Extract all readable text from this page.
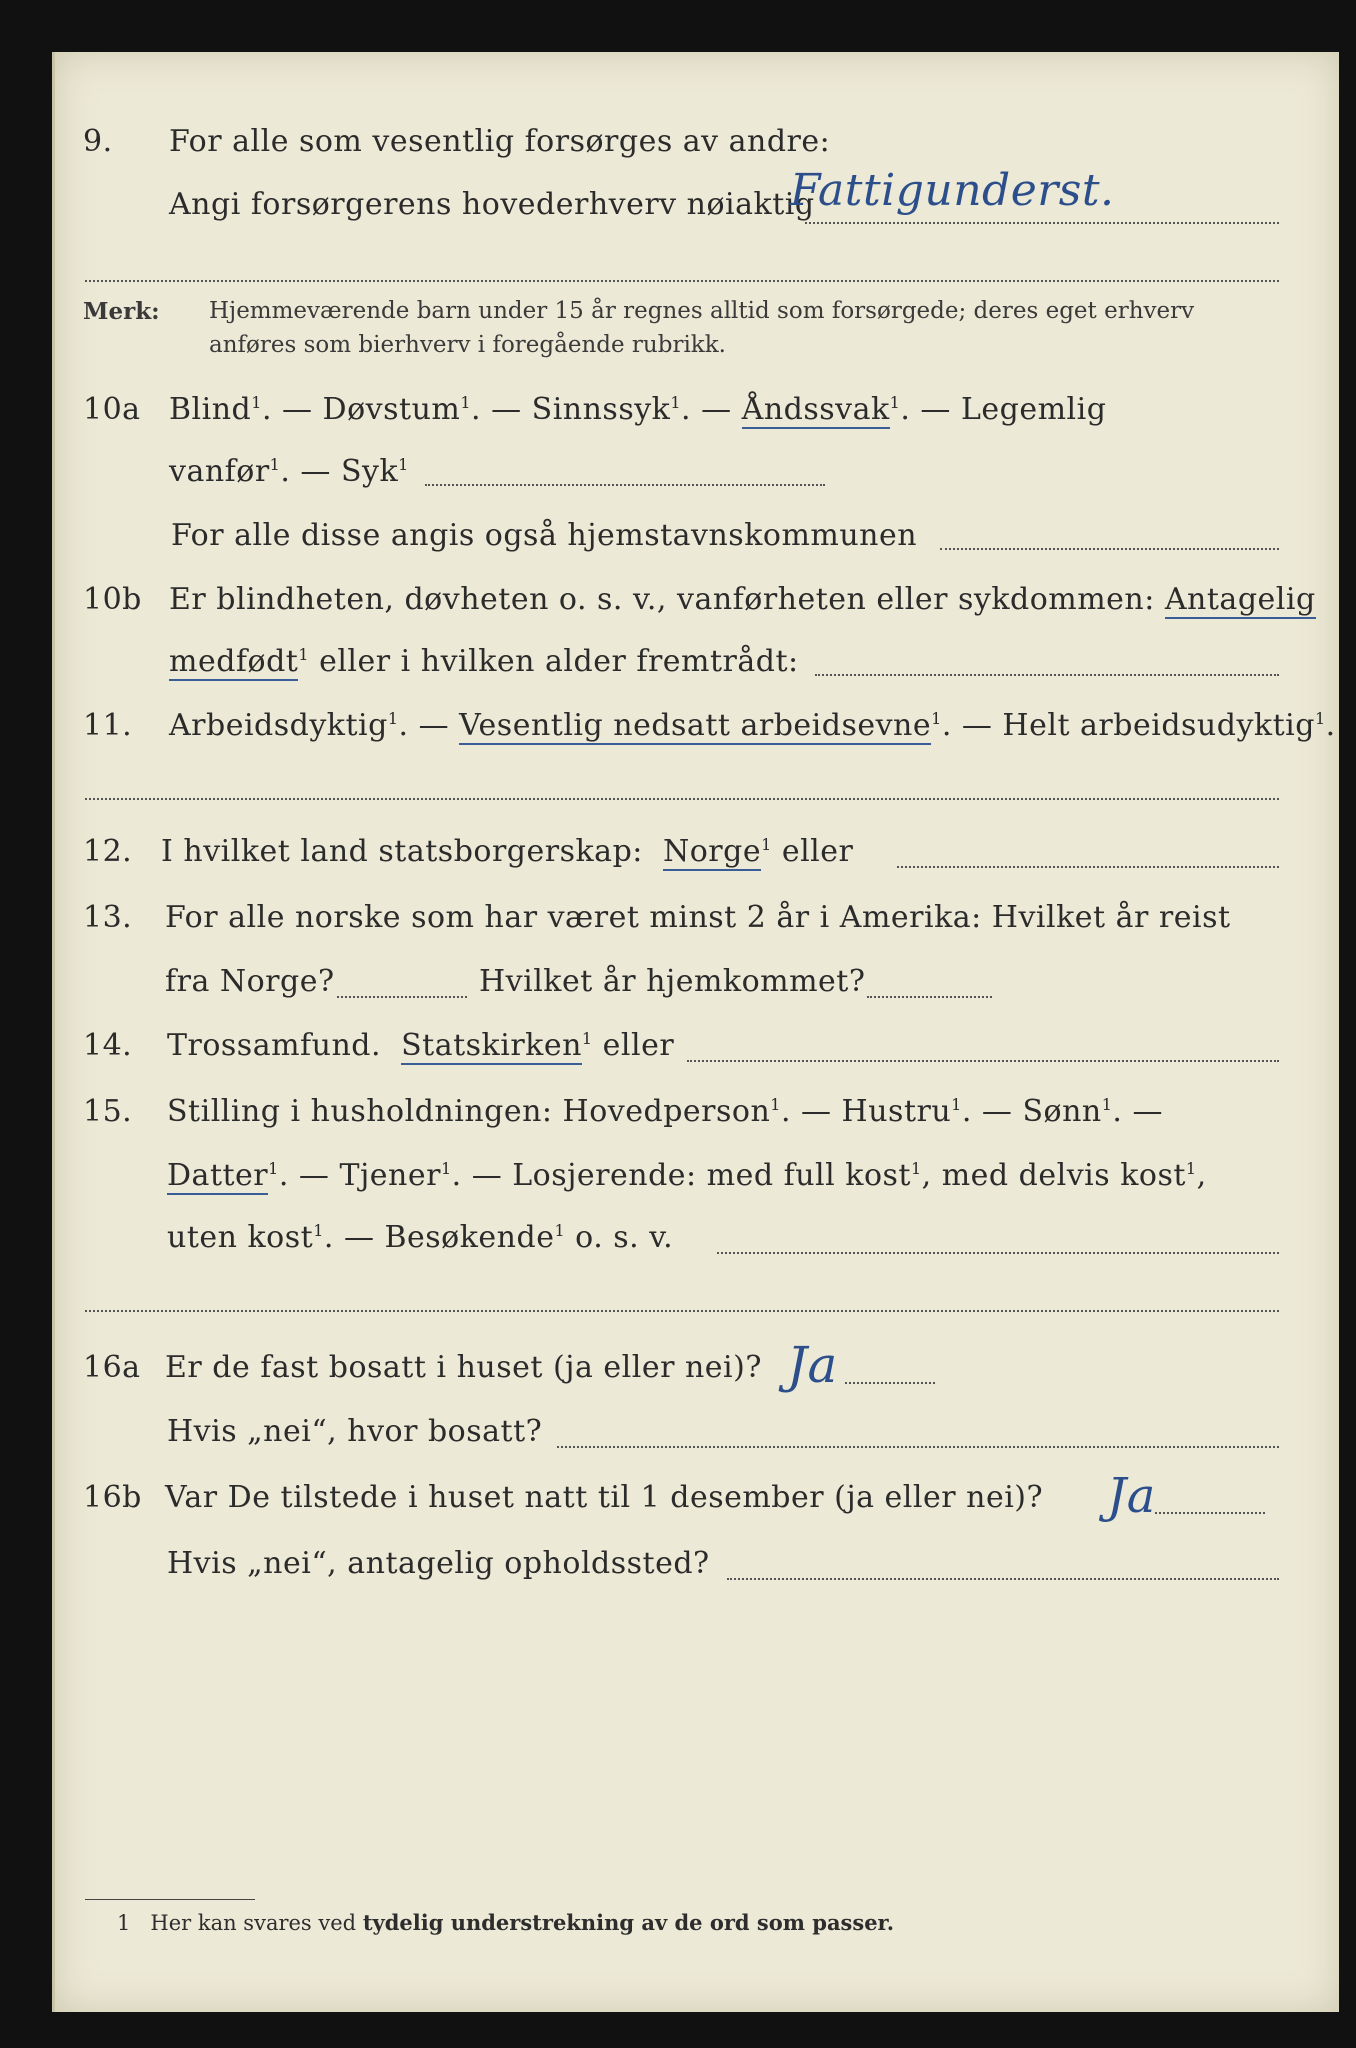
9. For alle som vesentlig forsørges av andre:
Angi forsørgerens hovederhverv nøiaktig
Fattigunderst.
Merk: Hjemmeværende barn under 15 år regnes alltid som forsørgede; deres eget erhverv
anføres som bierhverv i foregående rubrikk.
10a Blind$^1$. — Døvstum$^1$. — Sinnssyk$^1$. — Åndssvak$^1$. — Legemlig
vanfør$^1$. — Syk$^1$
For alle disse angis også hjemstavnskommunen
10b Er blindheten, døvheten o. s. v., vanførheten eller sykdommen: Antagelig
medfødt$^1$ eller i hvilken alder fremtrådt:
11. Arbeidsdyktig$^1$. — Vesentlig nedsatt arbeidsevne$^1$. — Helt arbeidsudyktig$^1$.
12. I hvilket land statsborgerskap: Norge$^1$ eller
13. For alle norske som har været minst 2 år i Amerika: Hvilket år reist
fra Norge?	Hvilket år hjemkommet?
14. Trossamfund. Statskirken$^1$ eller
15. Stilling i husholdningen: Hovedperson$^1$. — Hustru$^1$. — Sønn$^1$. —
Datter$^1$. — Tjener$^1$. — Losjerende: med full kost$^1$, med delvis kost$^1$,
uten kost$^1$. — Besøkende$^1$ o. s. v.
16a Er de fast bosatt i huset (ja eller nei)? Ja
Hvis „nei“, hvor bosatt?
16b Var De tilstede i huset natt til 1 desember (ja eller nei)? Ja
Hvis „nei“, antagelig opholdssted?
1 Her kan svares ved tydelig understrekning av de ord som passer.
